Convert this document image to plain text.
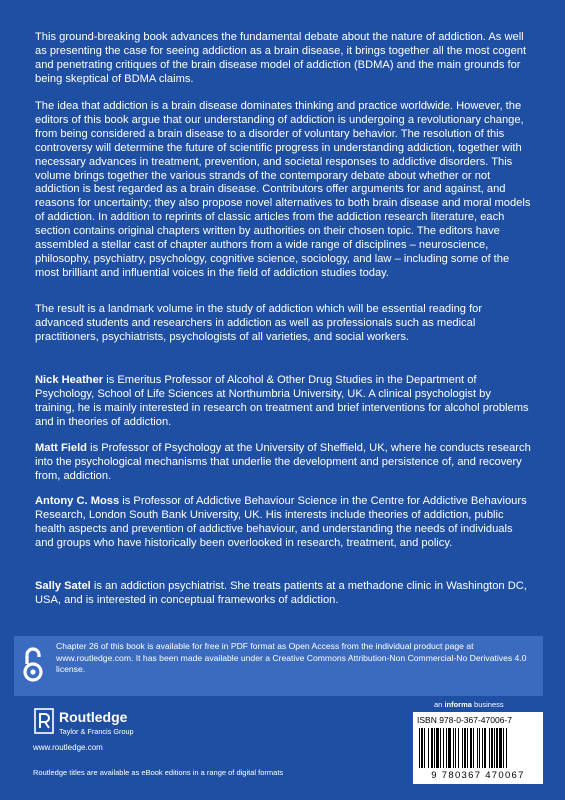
This ground-breaking book advances the fundamental debate about the nature of addiction. As well as presenting the case for seeing addiction as a brain disease, it brings together all the most cogent and penetrating critiques of the brain disease model of addiction (BDMA) and the main grounds for being skeptical of BDMA claims.

The idea that addiction is a brain disease dominates thinking and practice worldwide. However, the editors of this book argue that our understanding of addiction is undergoing a revolutionary change, from being considered a brain disease to a disorder of voluntary behavior. The resolution of this controversy will determine the future of scientific progress in understanding addiction, together with necessary advances in treatment, prevention, and societal responses to addictive disorders. This volume brings together the various strands of the contemporary debate about whether or not addiction is best regarded as a brain disease. Contributors offer arguments for and against, and reasons for uncertainty; they also propose novel alternatives to both brain disease and moral models of addiction. In addition to reprints of classic articles from the addiction research literature, each section contains original chapters written by authorities on their chosen topic. The editors have assembled a stellar cast of chapter authors from a wide range of disciplines – neuroscience, philosophy, psychiatry, psychology, cognitive science, sociology, and law – including some of the most brilliant and influential voices in the field of addiction studies today.

The result is a landmark volume in the study of addiction which will be essential reading for advanced students and researchers in addiction as well as professionals such as medical practitioners, psychiatrists, psychologists of all varieties, and social workers.

Nick Heather is Emeritus Professor of Alcohol & Other Drug Studies in the Department of Psychology, School of Life Sciences at Northumbria University, UK. A clinical psychologist by training, he is mainly interested in research on treatment and brief interventions for alcohol problems and in theories of addiction.

Matt Field is Professor of Psychology at the University of Sheffield, UK, where he conducts research into the psychological mechanisms that underlie the development and persistence of, and recovery from, addiction.

Antony C. Moss is Professor of Addictive Behaviour Science in the Centre for Addictive Behaviours Research, London South Bank University, UK. His interests include theories of addiction, public health aspects and prevention of addictive behaviour, and understanding the needs of individuals and groups who have historically been overlooked in research, treatment, and policy.

Sally Satel is an addiction psychiatrist. She treats patients at a methadone clinic in Washington DC, USA, and is interested in conceptual frameworks of addiction.

Chapter 26 of this book is available for free in PDF format as Open Access from the individual product page at www.routledge.com. It has been made available under a Creative Commons Attribution-Non Commercial-No Derivatives 4.0 license.

an informa business
Routledge
Taylor & Francis Group
www.routledge.com
ISBN 978-0-367-47006-7
9 780367 470067
Routledge titles are available as eBook editions in a range of digital formats
